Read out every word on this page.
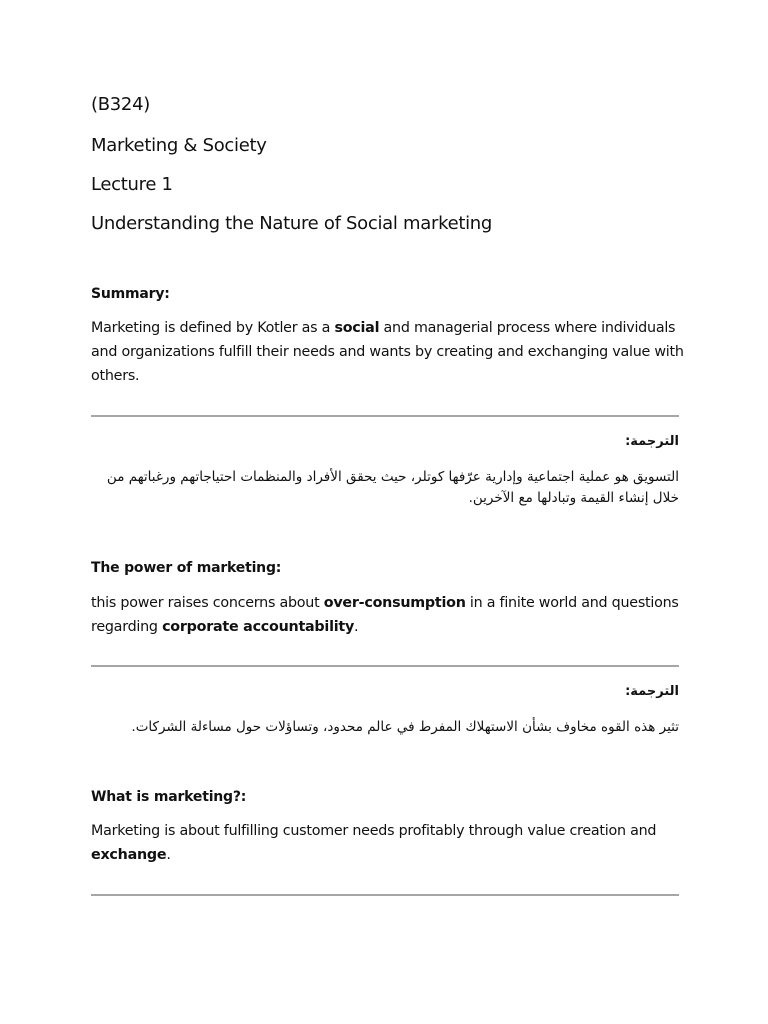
(B324)
Marketing & Society
Lecture 1
Understanding the Nature of Social marketing
Summary:

Marketing is defined by Kotler as a social and managerial process where individuals and organizations fulfill their needs and wants by creating and exchanging value with others.

الترجمة:

التسويق هو عملية اجتماعية وإدارية عرّفها كوتلر، حيث يحقق الأفراد والمنظمات احتياجاتهم ورغباتهم من خلال إنشاء القيمة وتبادلها مع الآخرين.

The power of marketing:

this power raises concerns about over-consumption in a finite world and questions regarding corporate accountability.

الترجمة:

تثير هذه القوه مخاوف بشأن الاستهلاك المفرط في عالم محدود، وتساؤلات حول مساءلة الشركات.

What is marketing?:

Marketing is about fulfilling customer needs profitably through value creation and exchange.
